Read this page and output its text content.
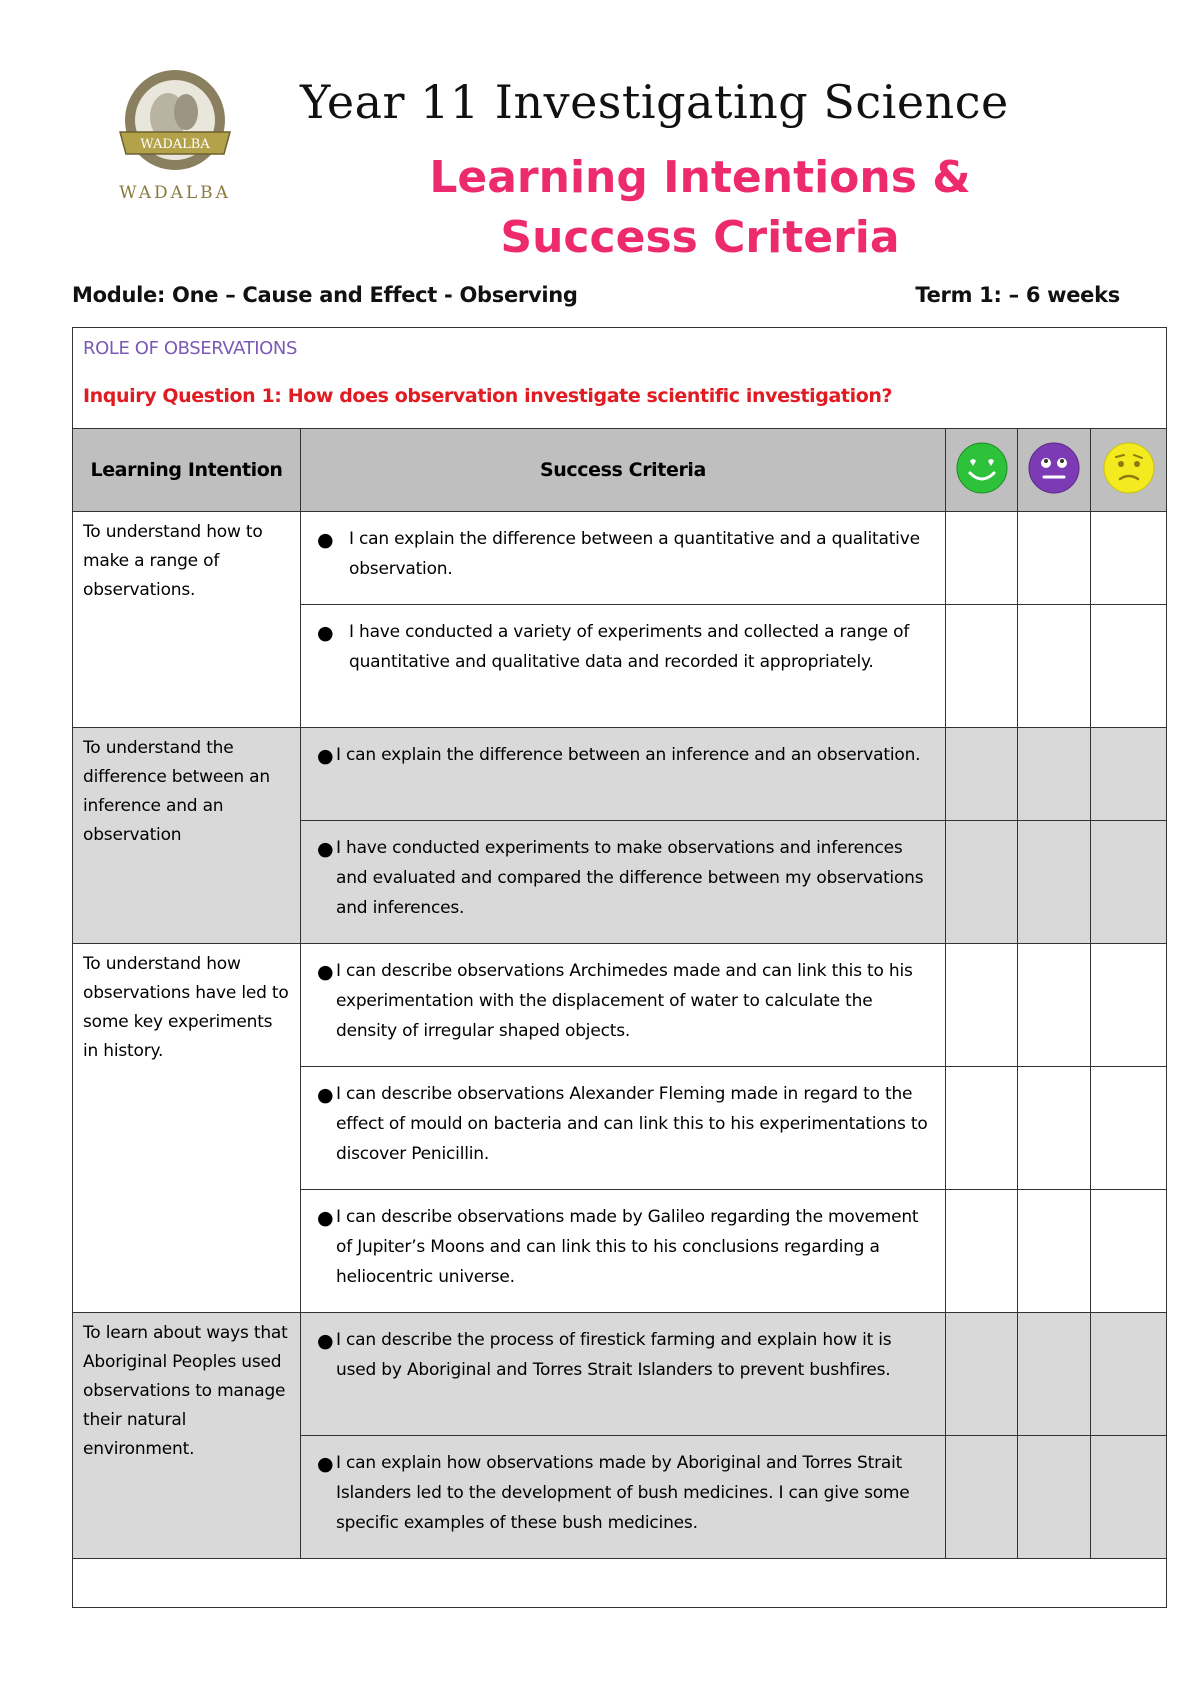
WADALBA
WADALBA
Year 11 Investigating Science
Learning Intentions &
Success Criteria
Module: One – Cause and Effect - Observing	Term 1: – 6 weeks
ROLE OF OBSERVATIONS
Inquiry Question 1: How does observation investigate scientific investigation?				

Learning Intention	Success Criteria			
To understand how to make a range of observations.	● I can explain the difference between a quantitative and a qualitative observation.			

	● I have conducted a variety of experiments and collected a range of quantitative and qualitative data and recorded it appropriately.			

To understand the difference between an inference and an observation	● I can explain the difference between an inference and an observation.			

	● I have conducted experiments to make observations and inferences and evaluated and compared the difference between my observations and inferences.			

To understand how observations have led to some key experiments in history.	● I can describe observations Archimedes made and can link this to his experimentation with the displacement of water to calculate the density of irregular shaped objects.			

	● I can describe observations Alexander Fleming made in regard to the effect of mould on bacteria and can link this to his experimentations to discover Penicillin.			

	● I can describe observations made by Galileo regarding the movement of Jupiter’s Moons and can link this to his conclusions regarding a heliocentric universe.			

To learn about ways that Aboriginal Peoples used observations to manage their natural environment.	● I can describe the process of firestick farming and explain how it is used by Aboriginal and Torres Strait Islanders to prevent bushfires.			

	● I can explain how observations made by Aboriginal and Torres Strait Islanders led to the development of bush medicines. I can give some specific examples of these bush medicines.			
